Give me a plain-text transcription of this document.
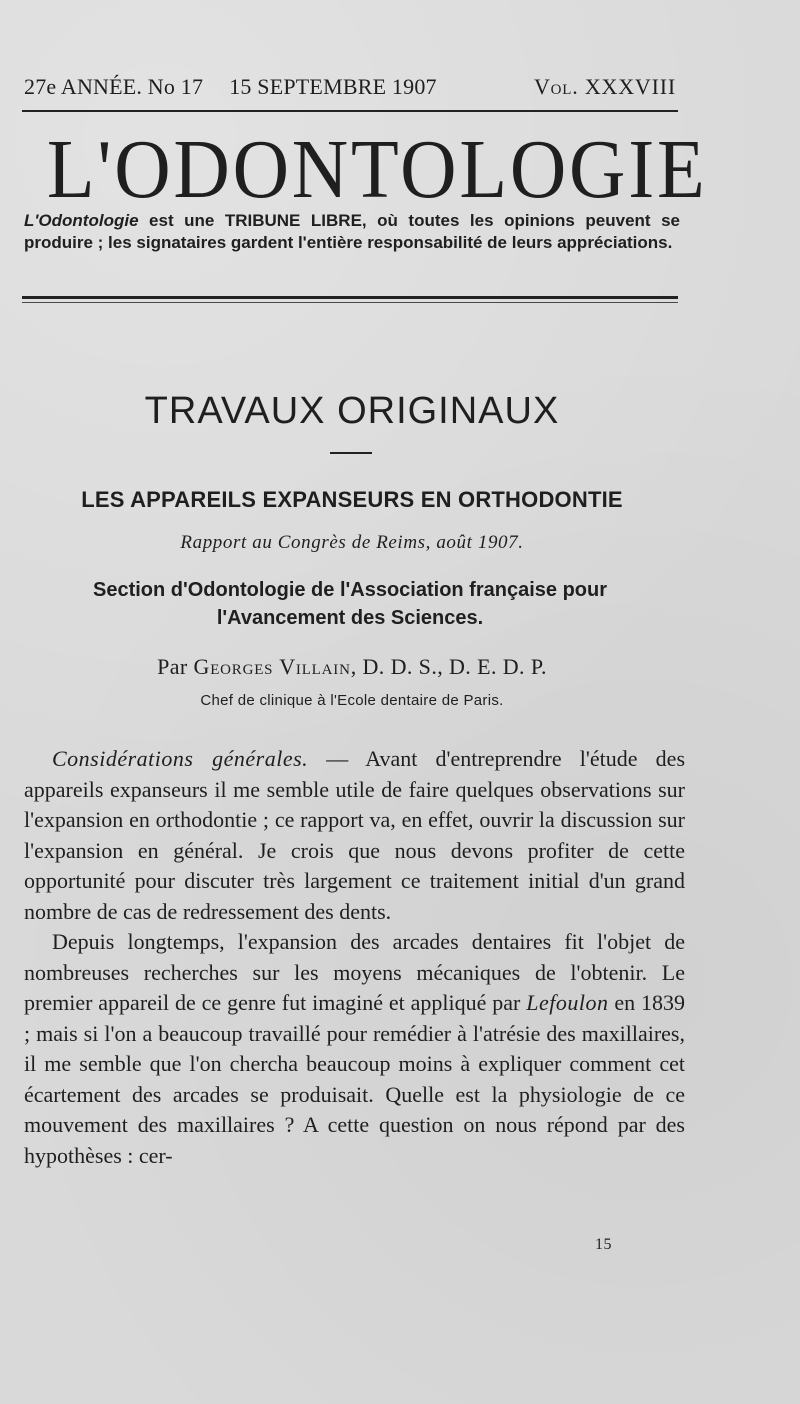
27e ANNÉE. No 17 15 SEPTEMBRE 1907	Vol. XXXVIII
L'ODONTOLOGIE
L'Odontologie est une TRIBUNE LIBRE, où toutes les opinions peuvent se produire ; les signataires gardent l'entière responsabilité de leurs appréciations.
TRAVAUX ORIGINAUX
LES APPAREILS EXPANSEURS EN ORTHODONTIE
Rapport au Congrès de Reims, août 1907.
Section d'Odontologie de l'Association française pour
l'Avancement des Sciences.
Par Georges Villain, D. D. S., D. E. D. P.
Chef de clinique à l'Ecole dentaire de Paris.

Considérations générales. — Avant d'entreprendre l'étude des appareils expanseurs il me semble utile de faire quelques observations sur l'expansion en orthodontie ; ce rapport va, en effet, ouvrir la discussion sur l'expansion en général. Je crois que nous devons profiter de cette opportunité pour discuter très largement ce traitement initial d'un grand nombre de cas de redressement des dents.

Depuis longtemps, l'expansion des arcades dentaires fit l'objet de nombreuses recherches sur les moyens mécaniques de l'obtenir. Le premier appareil de ce genre fut imaginé et appliqué par Lefoulon en 1839 ; mais si l'on a beaucoup travaillé pour remédier à l'atrésie des maxillaires, il me semble que l'on chercha beaucoup moins à expliquer comment cet écartement des arcades se produisait. Quelle est la physiologie de ce mouvement des maxillaires ? A cette question on nous répond par des hypothèses : cer-

15
